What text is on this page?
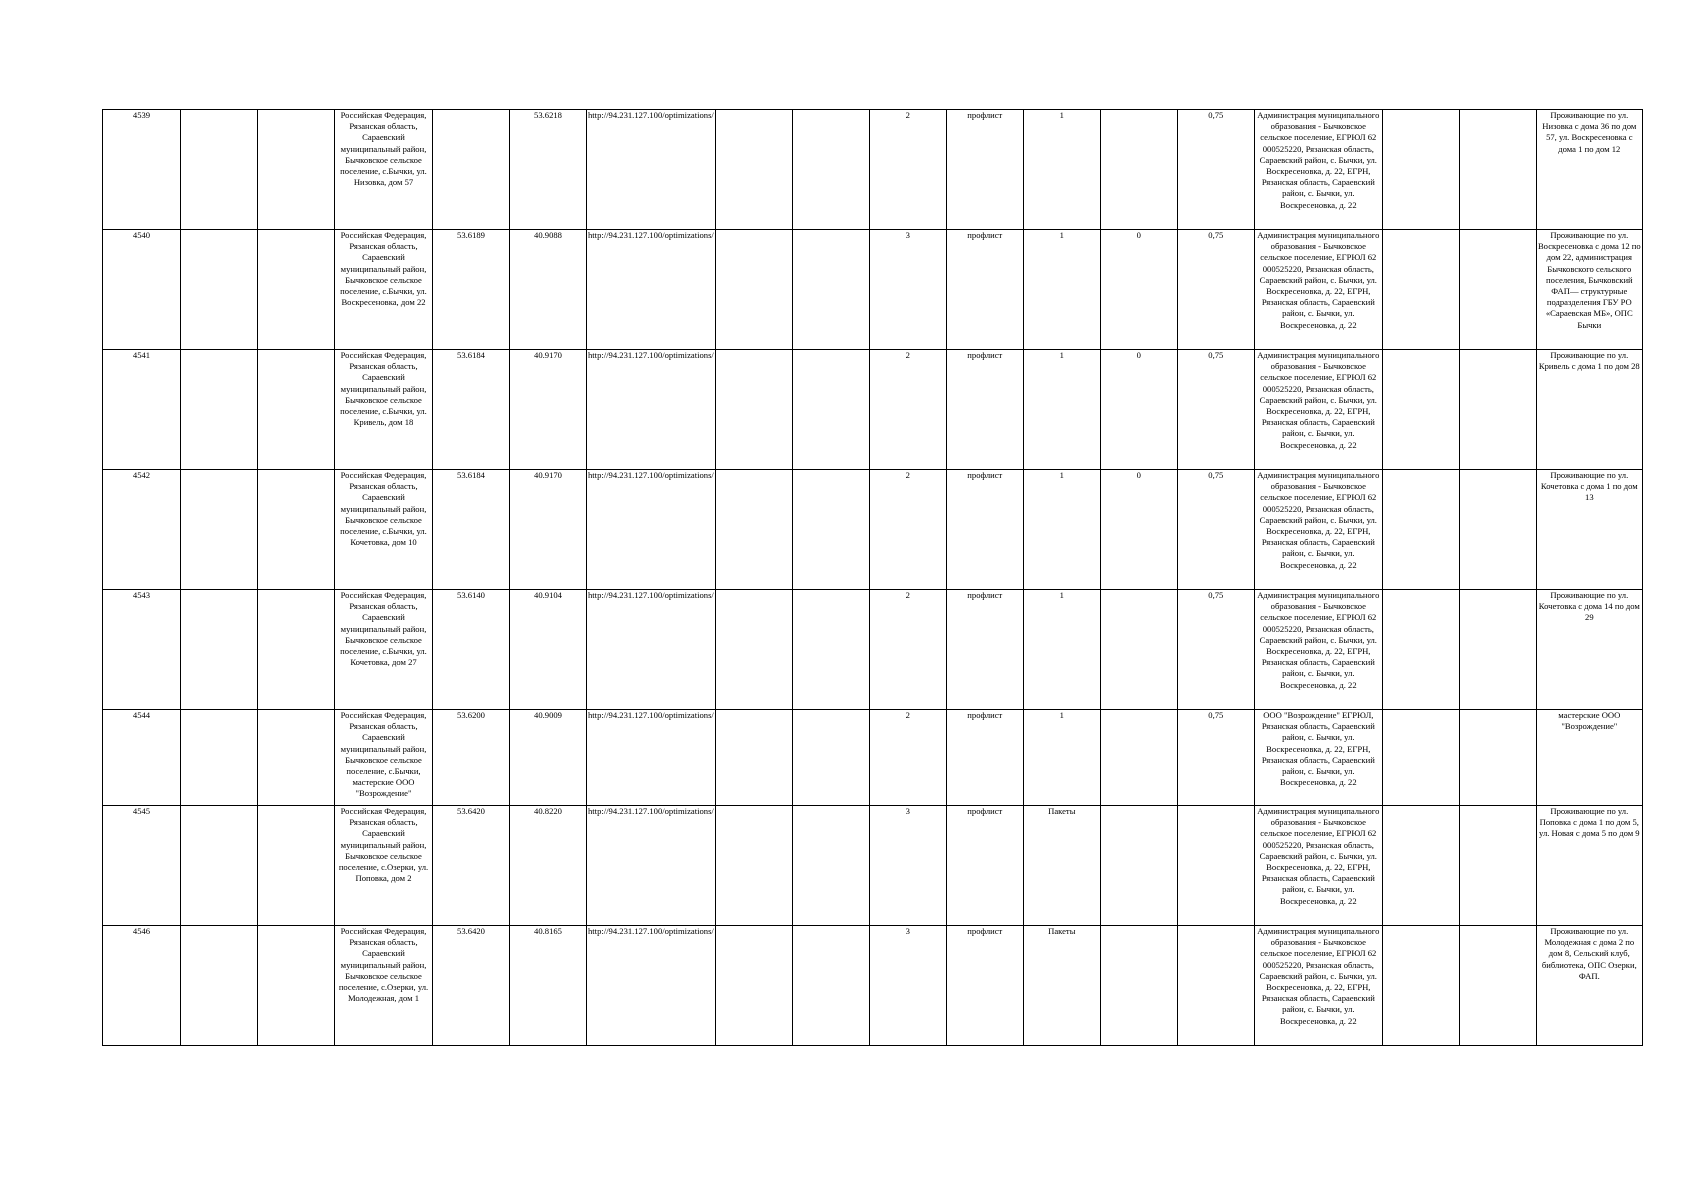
4539			Российская Федерация, Рязанская область, Сараевский муниципальный район, Бычковское сельское поселение, с.Бычки, ул. Низовка, дом 57		53.6218	http://94.231.127.100/optimizations/			2	профлист	1		0,75	Администрация муниципального образования - Бычковское сельское поселение, ЕГРЮЛ 62 000525220, Рязанская область, Сараевский район, с. Бычки, ул. Воскресеновка, д. 22, ЕГРН, Рязанская область, Сараевский район, с. Бычки, ул. Воскресеновка, д. 22			Проживающие по ул. Низовка с дома 36 по дом 57, ул. Воскресеновка с дома 1 по дом 12
4540			Российская Федерация, Рязанская область, Сараевский муниципальный район, Бычковское сельское поселение, с.Бычки, ул. Воскресеновка, дом 22	53.6189	40.9088	http://94.231.127.100/optimizations/			3	профлист	1	0	0,75	Администрация муниципального образования - Бычковское сельское поселение, ЕГРЮЛ 62 000525220, Рязанская область, Сараевский район, с. Бычки, ул. Воскресеновка, д. 22, ЕГРН, Рязанская область, Сараевский район, с. Бычки, ул. Воскресеновка, д. 22			Проживающие по ул. Воскресеновка с дома 12 по дом 22, администрация Бычковского сельского поселения, Бычковский ФАП— структурные подразделения ГБУ РО «Сараевская МБ», ОПС Бычки
4541			Российская Федерация, Рязанская область, Сараевский муниципальный район, Бычковское сельское поселение, с.Бычки, ул. Кривель, дом 18	53.6184	40.9170	http://94.231.127.100/optimizations/			2	профлист	1	0	0,75	Администрация муниципального образования - Бычковское сельское поселение, ЕГРЮЛ 62 000525220, Рязанская область, Сараевский район, с. Бычки, ул. Воскресеновка, д. 22, ЕГРН, Рязанская область, Сараевский район, с. Бычки, ул. Воскресеновка, д. 22			Проживающие по ул. Кривель с дома 1 по дом 28
4542			Российская Федерация, Рязанская область, Сараевский муниципальный район, Бычковское сельское поселение, с.Бычки, ул. Кочетовка, дом 10	53.6184	40.9170	http://94.231.127.100/optimizations/			2	профлист	1	0	0,75	Администрация муниципального образования - Бычковское сельское поселение, ЕГРЮЛ 62 000525220, Рязанская область, Сараевский район, с. Бычки, ул. Воскресеновка, д. 22, ЕГРН, Рязанская область, Сараевский район, с. Бычки, ул. Воскресеновка, д. 22			Проживающие по ул. Кочетовка с дома 1 по дом 13
4543			Российская Федерация, Рязанская область, Сараевский муниципальный район, Бычковское сельское поселение, с.Бычки, ул. Кочетовка, дом 27	53.6140	40.9104	http://94.231.127.100/optimizations/			2	профлист	1		0,75	Администрация муниципального образования - Бычковское сельское поселение, ЕГРЮЛ 62 000525220, Рязанская область, Сараевский район, с. Бычки, ул. Воскресеновка, д. 22, ЕГРН, Рязанская область, Сараевский район, с. Бычки, ул. Воскресеновка, д. 22			Проживающие по ул. Кочетовка с дома 14 по дом 29
4544			Российская Федерация, Рязанская область, Сараевский муниципальный район, Бычковское сельское поселение, с.Бычки, мастерские ООО "Возрождение"	53.6200	40.9009	http://94.231.127.100/optimizations/			2	профлист	1		0,75	ООО "Возрождение" ЕГРЮЛ, Рязанская область, Сараевский район, с. Бычки, ул. Воскресеновка, д. 22, ЕГРН, Рязанская область, Сараевский район, с. Бычки, ул. Воскресеновка, д. 22			мастерские ООО "Возрождение"
4545			Российская Федерация, Рязанская область, Сараевский муниципальный район, Бычковское сельское поселение, с.Озерки, ул. Поповка, дом 2	53.6420	40.8220	http://94.231.127.100/optimizations/			3	профлист	Пакеты			Администрация муниципального образования - Бычковское сельское поселение, ЕГРЮЛ 62 000525220, Рязанская область, Сараевский район, с. Бычки, ул. Воскресеновка, д. 22, ЕГРН, Рязанская область, Сараевский район, с. Бычки, ул. Воскресеновка, д. 22			Проживающие по ул. Поповка с дома 1 по дом 5, ул. Новая с дома 5 по дом 9
4546			Российская Федерация, Рязанская область, Сараевский муниципальный район, Бычковское сельское поселение, с.Озерки, ул. Молодежная, дом 1	53.6420	40.8165	http://94.231.127.100/optimizations/			3	профлист	Пакеты			Администрация муниципального образования - Бычковское сельское поселение, ЕГРЮЛ 62 000525220, Рязанская область, Сараевский район, с. Бычки, ул. Воскресеновка, д. 22, ЕГРН, Рязанская область, Сараевский район, с. Бычки, ул. Воскресеновка, д. 22			Проживающие по ул. Молодежная с дома 2 по дом 8, Сельский клуб, библиотека, ОПС Озерки, ФАП.
